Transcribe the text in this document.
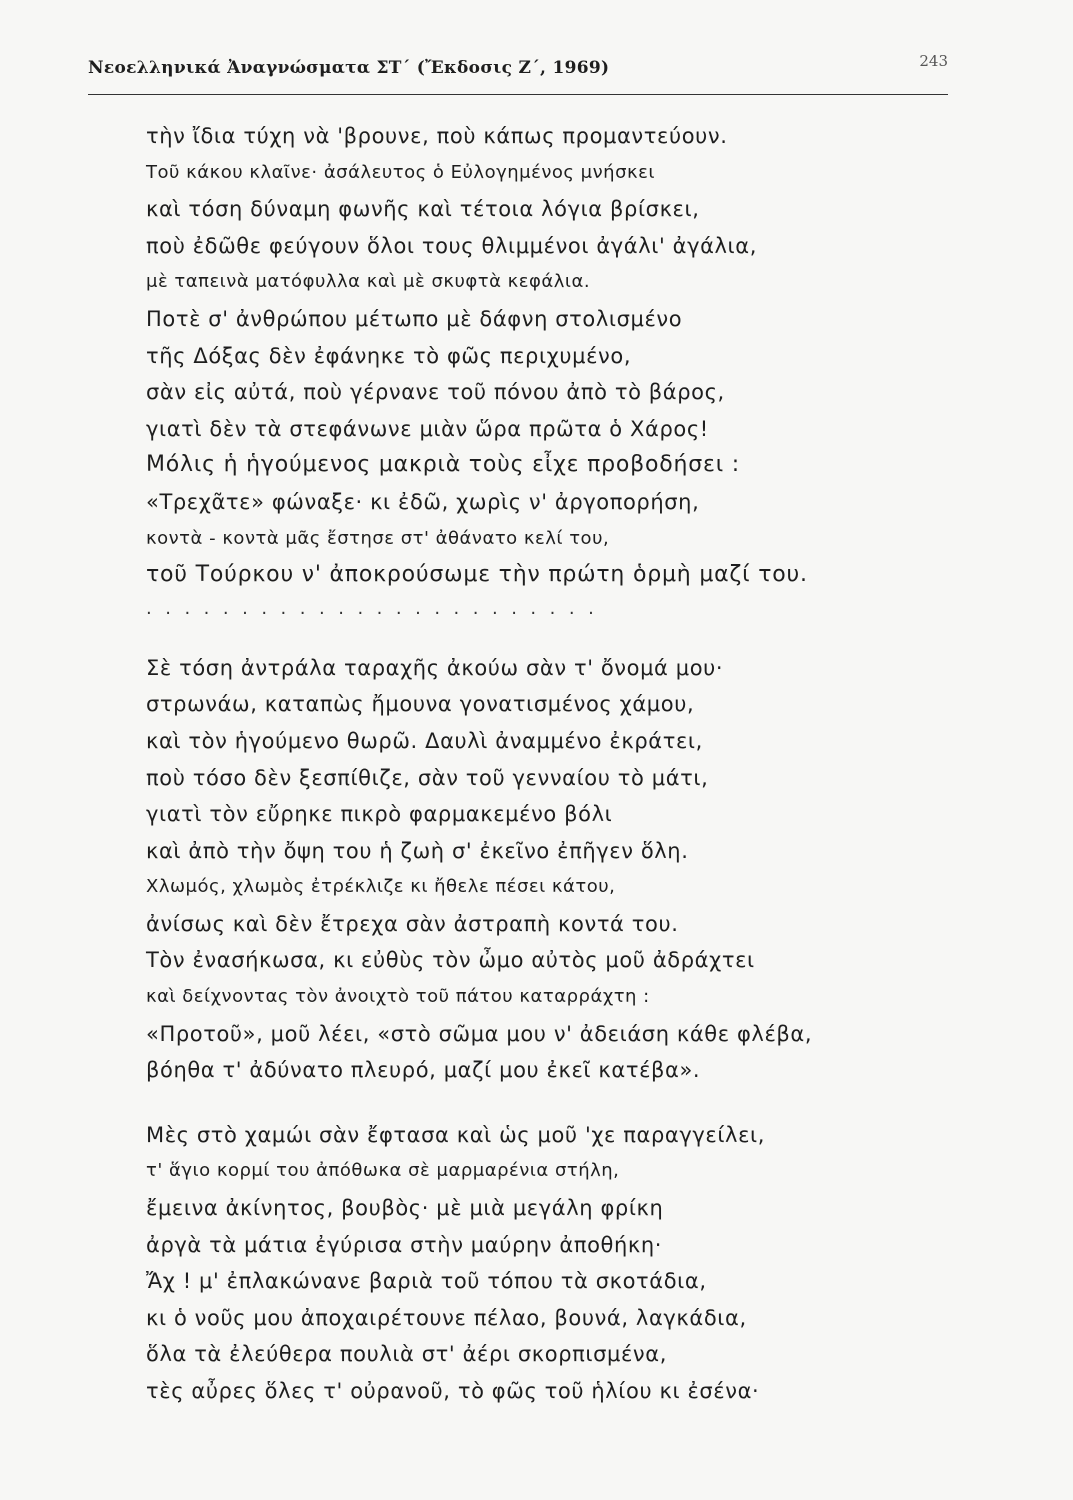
Νεοελληνικά Ἀναγνώσματα ΣΤ΄ (Ἔκδοσις Ζ΄, 1969)	243
τὴν ἴδια τύχη νὰ 'βρουνε, ποὺ κάπως προμαντεύουν.
Τοῦ κάκου κλαῖνε· ἀσάλευτος ὁ Εὐλογημένος μνήσκει
καὶ τόση δύναμη φωνῆς καὶ τέτοια λόγια βρίσκει,
ποὺ ἐδῶθε φεύγουν ὅλοι τους θλιμμένοι ἀγάλι' ἀγάλια,
μὲ ταπεινὰ ματόφυλλα καὶ μὲ σκυφτὰ κεφάλια.
Ποτὲ σ' ἀνθρώπου μέτωπο μὲ δάφνη στολισμένο
τῆς Δόξας δὲν ἐφάνηκε τὸ φῶς περιχυμένο,
σὰν εἰς αὐτά, ποὺ γέρνανε τοῦ πόνου ἀπὸ τὸ βάρος,
γιατὶ δὲν τὰ στεφάνωνε μιὰν ὥρα πρῶτα ὁ Χάρος!
Μόλις ἡ ἡγούμενος μακριὰ τοὺς εἶχε προβοδήσει :
«Τρεχᾶτε» φώναξε· κι ἐδῶ, χωρὶς ν' ἀργοπορήση,
κοντὰ - κοντὰ μᾶς ἔστησε στ' ἀθάνατο κελί του,
τοῦ Τούρκου ν' ἀποκρούσωμε τὴν πρώτη ὁρμὴ μαζί του.
........................
Σὲ τόση ἀντράλα ταραχῆς ἀκούω σὰν τ' ὄνομά μου·
στρωνάω, καταπὼς ἤμουνα γονατισμένος χάμου,
καὶ τὸν ἡγούμενο θωρῶ. Δαυλὶ ἀναμμένο ἐκράτει,
ποὺ τόσο δὲν ξεσπίθιζε, σὰν τοῦ γενναίου τὸ μάτι,
γιατὶ τὸν εὔρηκε πικρὸ φαρμακεμένο βόλι
καὶ ἀπὸ τὴν ὄψη του ἡ ζωὴ σ' ἐκεῖνο ἐπῆγεν ὅλη.
Χλωμός, χλωμὸς ἐτρέκλιζε κι ἤθελε πέσει κάτου,
ἀνίσως καὶ δὲν ἔτρεχα σὰν ἀστραπὴ κοντά του.
Τὸν ἐνασήκωσα, κι εὐθὺς τὸν ὦμο αὐτὸς μοῦ ἀδράχτει
καὶ δείχνοντας τὸν ἀνοιχτὸ τοῦ πάτου καταρράχτη :
«Προτοῦ», μοῦ λέει, «στὸ σῶμα μου ν' ἀδειάση κάθε φλέβα,
βόηθα τ' ἀδύνατο πλευρό, μαζί μου ἐκεῖ κατέβα».
Μὲς στὸ χαμώι σὰν ἔφτασα καὶ ὡς μοῦ 'χε παραγγείλει,
τ' ἅγιο κορμί του ἀπόθωκα σὲ μαρμαρένια στήλη,
ἔμεινα ἀκίνητος, βουβὸς· μὲ μιὰ μεγάλη φρίκη
ἀργὰ τὰ μάτια ἐγύρισα στὴν μαύρην ἀποθήκη·
Ἄχ ! μ' ἐπλακώνανε βαριὰ τοῦ τόπου τὰ σκοτάδια,
κι ὁ νοῦς μου ἀποχαιρέτουνε πέλαο, βουνά, λαγκάδια,
ὅλα τὰ ἐλεύθερα πουλιὰ στ' ἀέρι σκορπισμένα,
τὲς αὖρες ὅλες τ' οὐρανοῦ, τὸ φῶς τοῦ ἡλίου κι ἐσένα·
